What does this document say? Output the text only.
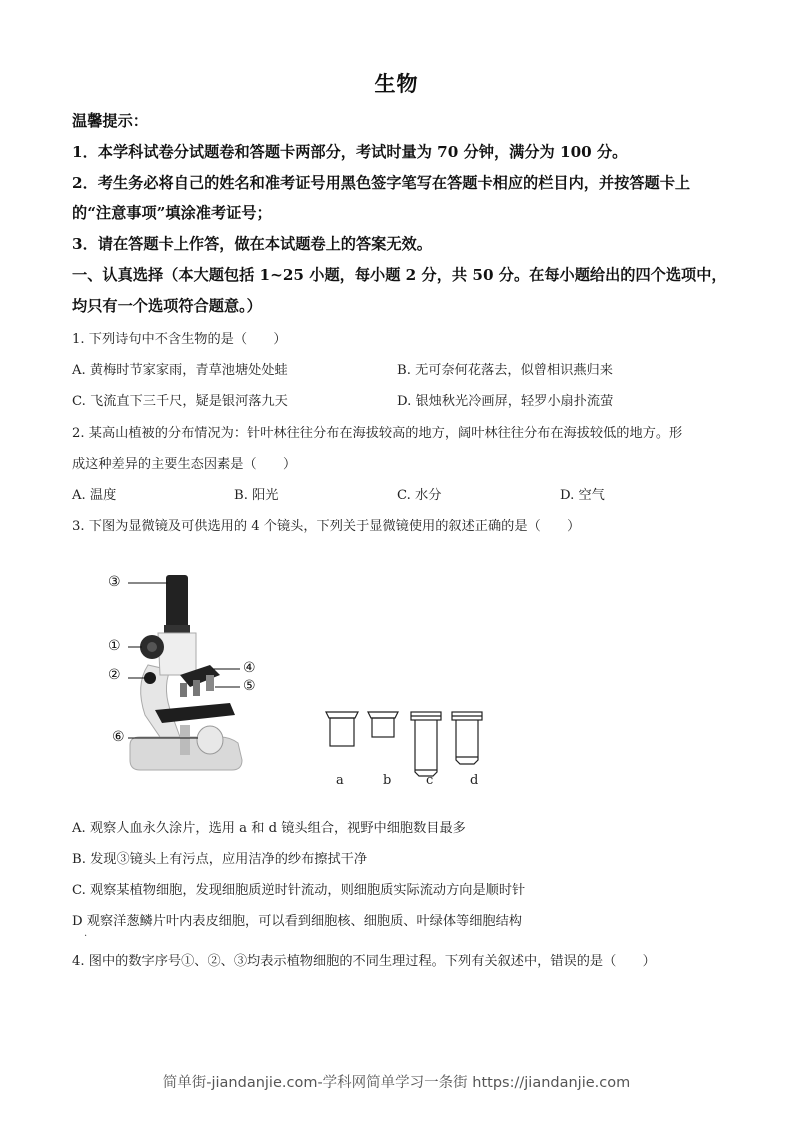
生物
温馨提示：
1．本学科试卷分试题卷和答题卡两部分，考试时量为 70 分钟，满分为 100 分。
2．考生务必将自己的姓名和准考证号用黑色签字笔写在答题卡相应的栏目内，并按答题卡上
的“注意事项”填涂准考证号；
3．请在答题卡上作答，做在本试题卷上的答案无效。
一、认真选择（本大题包括 1~25 小题，每小题 2 分，共 50 分。在每小题给出的四个选项中，
均只有一个选项符合题意。）
1. 下列诗句中不含生物的是（　　）
A. 黄梅时节家家雨，青草池塘处处蛙	B. 无可奈何花落去，似曾相识燕归来
C. 飞流直下三千尺，疑是银河落九天	D. 银烛秋光冷画屏，轻罗小扇扑流萤
2. 某高山植被的分布情况为：针叶林往往分布在海拔较高的地方，阔叶林往往分布在海拔较低的地方。形
成这种差异的主要生态因素是（　　）
A. 温度	B. 阳光	C. 水分	D. 空气
3. 下图为显微镜及可供选用的 4 个镜头，下列关于显微镜使用的叙述正确的是（　　）
③
①
②	④
⑤
⑥
a	b	c	d
A. 观察人血永久涂片，选用 a 和 d 镜头组合，视野中细胞数目最多
B. 发现③镜头上有污点，应用洁净的纱布擦拭干净
C. 观察某植物细胞，发现细胞质逆时针流动，则细胞质实际流动方向是顺时针
D 观察洋葱鳞片叶内表皮细胞，可以看到细胞核、细胞质、叶绿体等细胞结构
.
4. 图中的数字序号①、②、③均表示植物细胞的不同生理过程。下列有关叙述中，错误的是（　　）
简单街-jiandanjie.com-学科网简单学习一条街 https://jiandanjie.com
